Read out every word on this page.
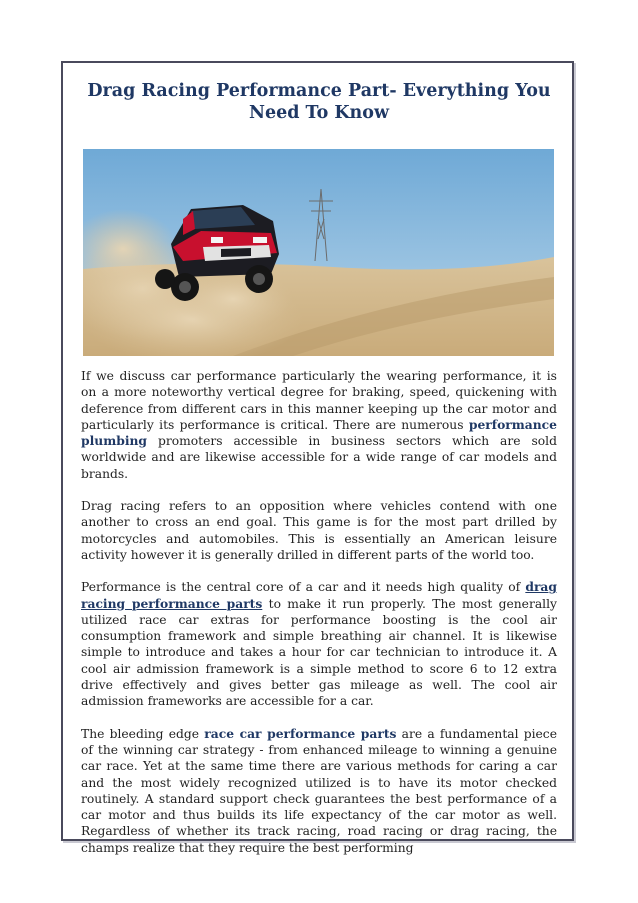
Drag Racing Performance Part- Everything You Need To Know

If we discuss car performance particularly the wearing performance, it is on a more noteworthy vertical degree for braking, speed, quickening with deference from different cars in this manner keeping up the car motor and particularly its performance is critical. There are numerous performance plumbing promoters accessible in business sectors which are sold worldwide and are likewise accessible for a wide range of car models and brands.

Drag racing refers to an opposition where vehicles contend with one another to cross an end goal. This game is for the most part drilled by motorcycles and automobiles. This is essentially an American leisure activity however it is generally drilled in different parts of the world too.

Performance is the central core of a car and it needs high quality of drag racing performance parts to make it run properly. The most generally utilized race car extras for performance boosting is the cool air consumption framework and simple breathing air channel. It is likewise simple to introduce and takes a hour for car technician to introduce it. A cool air admission framework is a simple method to score 6 to 12 extra drive effectively and gives better gas mileage as well. The cool air admission frameworks are accessible for a car.

The bleeding edge race car performance parts are a fundamental piece of the winning car strategy - from enhanced mileage to winning a genuine car race. Yet at the same time there are various methods for caring a car and the most widely recognized utilized is to have its motor checked routinely. A standard support check guarantees the best performance of a car motor and thus builds its life expectancy of the car motor as well. Regardless of whether its track racing, road racing or drag racing, the champs realize that they require the best performing
